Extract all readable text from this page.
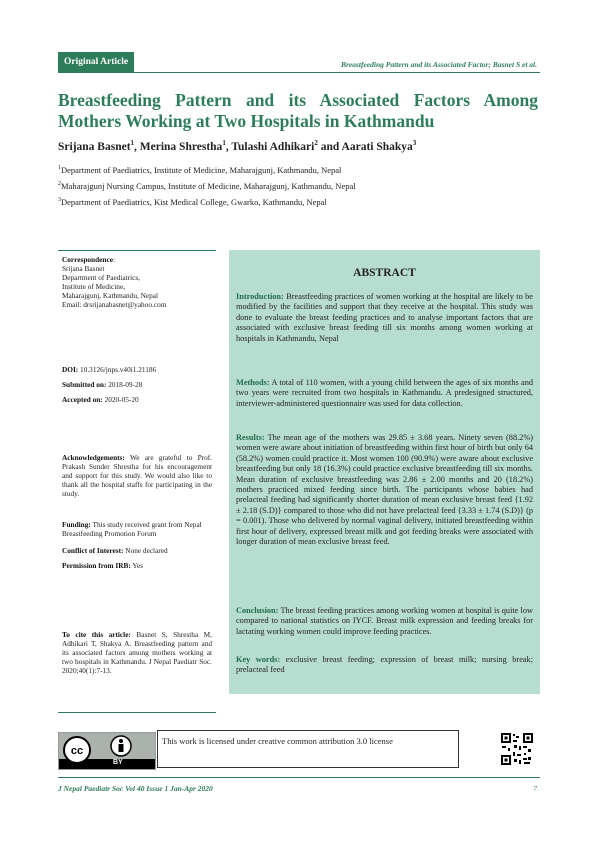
Original Article	Breastfeeding Pattern and its Associated Factor; Basnet S et al.
Breastfeeding Pattern and its Associated Factors Among Mothers Working at Two Hospitals in Kathmandu
Srijana Basnet$^1$, Merina Shrestha$^1$, Tulashi Adhikari$^2$ and Aarati Shakya$^3$
$^1$Department of Paediatrics, Institute of Medicine, Maharajgunj, Kathmandu, Nepal
$^2$Maharajgunj Nursing Campus, Institute of Medicine, Maharajgunj, Kathmandu, Nepal
$^3$Department of Paediatrics, Kist Medical College, Gwarko, Kathmandu, Nepal
Correspondence:
Srijana Basnet
Department of Paediatrics,
Institute of Medicine,
Maharajgunj, Kathmandu, Nepal
Email: drsrijanabasnet@yahoo.com
DOI: 10.3126/jnps.v40i1.21186
Submitted on: 2018-09-28
Accepted on: 2020-05-20
Acknowledgements: We are grateful to Prof. Prakash Sunder Shrestha for his encouragement and support for this study. We would also like to thank all the hospital staffs for participating in the study.
Funding: This study received grant from Nepal Breastfeeding Promotion Forum
Conflict of Interest: None declared
Permission from IRB: Yes
To cite this article: Basnet S, Shrestha M, Adhikari T, Shakya A. Breastfeeding pattern and its associated factors among mothers working at two hospitals in Kathmandu. J Nepal Paediatr Soc. 2020;40(1):7-13.
ABSTRACT
Introduction: Breastfeeding practices of women working at the hospital are likely to be modified by the facilities and support that they receive at the hospital. This study was done to evaluate the breast feeding practices and to analyse important factors that are associated with exclusive breast feeding till six months among women working at hospitals in Kathmandu, Nepal
Methods: A total of 110 women, with a young child between the ages of six months and two years were recruited from two hospitals in Kathmandu. A predesigned structured, interviewer-administered questionnaire was used for data collection.
Results: The mean age of the mothers was 29.85 ± 3.68 years. Ninety seven (88.2%) women were aware about initiation of breastfeeding within first hour of birth but only 64 (58.2%) women could practice it. Most women 100 (90.9%) were aware about exclusive breastfeeding but only 18 (16.3%) could practice exclusive breastfeeding till six months. Mean duration of exclusive breastfeeding was 2.86 ± 2.00 months and 20 (18.2%) mothers practiced mixed feeding since birth. The participants whose babies had prelacteal feeding had significantly shorter duration of mean exclusive breast feed {1.92 ± 2.18 (S.D)} compared to those who did not have prelacteal feed {3.33 ± 1.74 (S.D)} (p = 0.001). Those who delivered by normal vaginal delivery, initiated breastfeeding within first hour of delivery, expressed breast milk and got feeding breaks were associated with longer duration of mean exclusive breast feed.
Conclusion: The breast feeding practices among working women at hospital is quite low compared to national statistics on IYCF. Breast milk expression and feeding breaks for lactating working women could improve feeding practices.
Key words: exclusive breast feeding; expression of breast milk; nursing break; prelacteal feed
cc
BY
This work is licensed under creative common attribution 3.0 license
J Nepal Paediatr Soc Vol 40 Issue 1 Jan-Apr 2020	7
